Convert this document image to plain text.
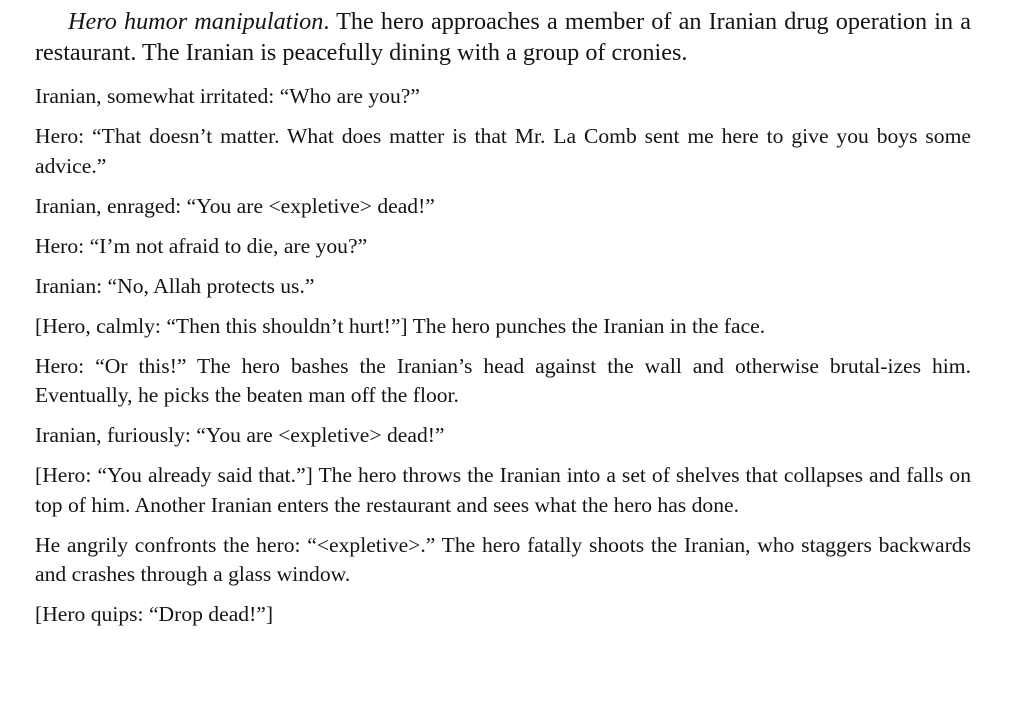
Hero humor manipulation. The hero approaches a member of an Iranian drug operation in a restaurant. The Iranian is peacefully dining with a group of cronies.

Iranian, somewhat irritated: “Who are you?”

Hero: “That doesn’t matter. What does matter is that Mr. La Comb sent me here to give you boys some advice.”

Iranian, enraged: “You are <expletive> dead!”

Hero: “I’m not afraid to die, are you?”

Iranian: “No, Allah protects us.”

[Hero, calmly: “Then this shouldn’t hurt!”] The hero punches the Iranian in the face.

Hero: “Or this!” The hero bashes the Iranian’s head against the wall and otherwise brutal-izes him. Eventually, he picks the beaten man off the floor.

Iranian, furiously: “You are <expletive> dead!”

[Hero: “You already said that.”] The hero throws the Iranian into a set of shelves that collapses and falls on top of him. Another Iranian enters the restaurant and sees what the hero has done.

He angrily confronts the hero: “<expletive>.” The hero fatally shoots the Iranian, who staggers backwards and crashes through a glass window.

[Hero quips: “Drop dead!”]
